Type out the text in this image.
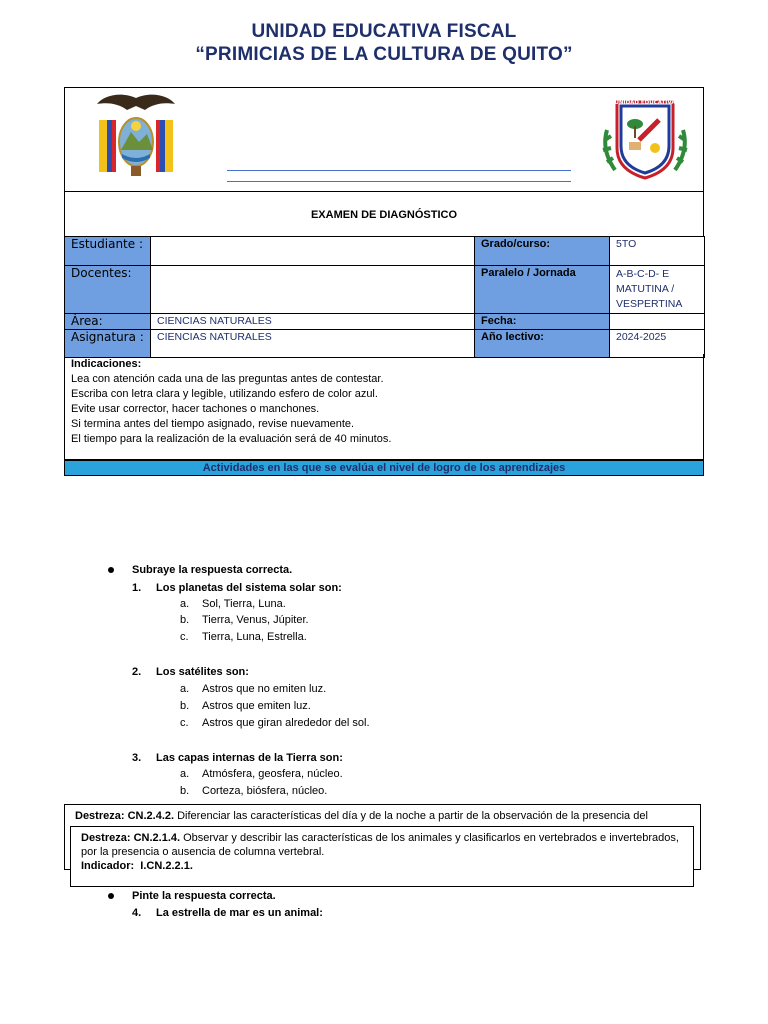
UNIDAD EDUCATIVA FISCAL
“PRIMICIAS DE LA CULTURA DE QUITO”
UNIDAD EDUCATIVA
EXAMEN DE DIAGNÓSTICO
Estudiante :		Grado/curso:	5TO
Docentes:		Paralelo / Jornada	A-B-C-D- E
MATUTINA / VESPERTINA

Área:	CIENCIAS NATURALES	Fecha:	
Asignatura :	CIENCIAS NATURALES	Año lectivo:	2024-2025
Indicaciones:
Lea con atención cada una de las preguntas antes de contestar.
Escriba con letra clara y legible, utilizando esfero de color azul.
Evite usar corrector, hacer tachones o manchones.
Si termina antes del tiempo asignado, revise nuevamente.
El tiempo para la realización de la evaluación será de 40 minutos.
Actividades en las que se evalúa el nivel de logro de los aprendizajes
Subraye la respuesta correcta.
1. Los planetas del sistema solar son:
a. Sol, Tierra, Luna.
b. Tierra, Venus, Júpiter.
c. Tierra, Luna, Estrella.
2. Los satélites son:
a. Astros que no emiten luz.
b. Astros que emiten luz.
c. Astros que giran alrededor del sol.
3. Las capas internas de la Tierra son:
a. Atmósfera, geosfera, núcleo.
b. Corteza, biósfera, núcleo.
Destreza: CN.2.4.2. Diferenciar las características del día y de la noche a partir de la observación de la presencia del
Destreza: CN.2.1.4. Observar y describir las características de los animales y clasificarlos en vertebrados e invertebrados, por la presencia o ausencia de columna vertebral.
Indicador: I.CN.2.2.1.
Pinte la respuesta correcta.
4. La estrella de mar es un animal:
